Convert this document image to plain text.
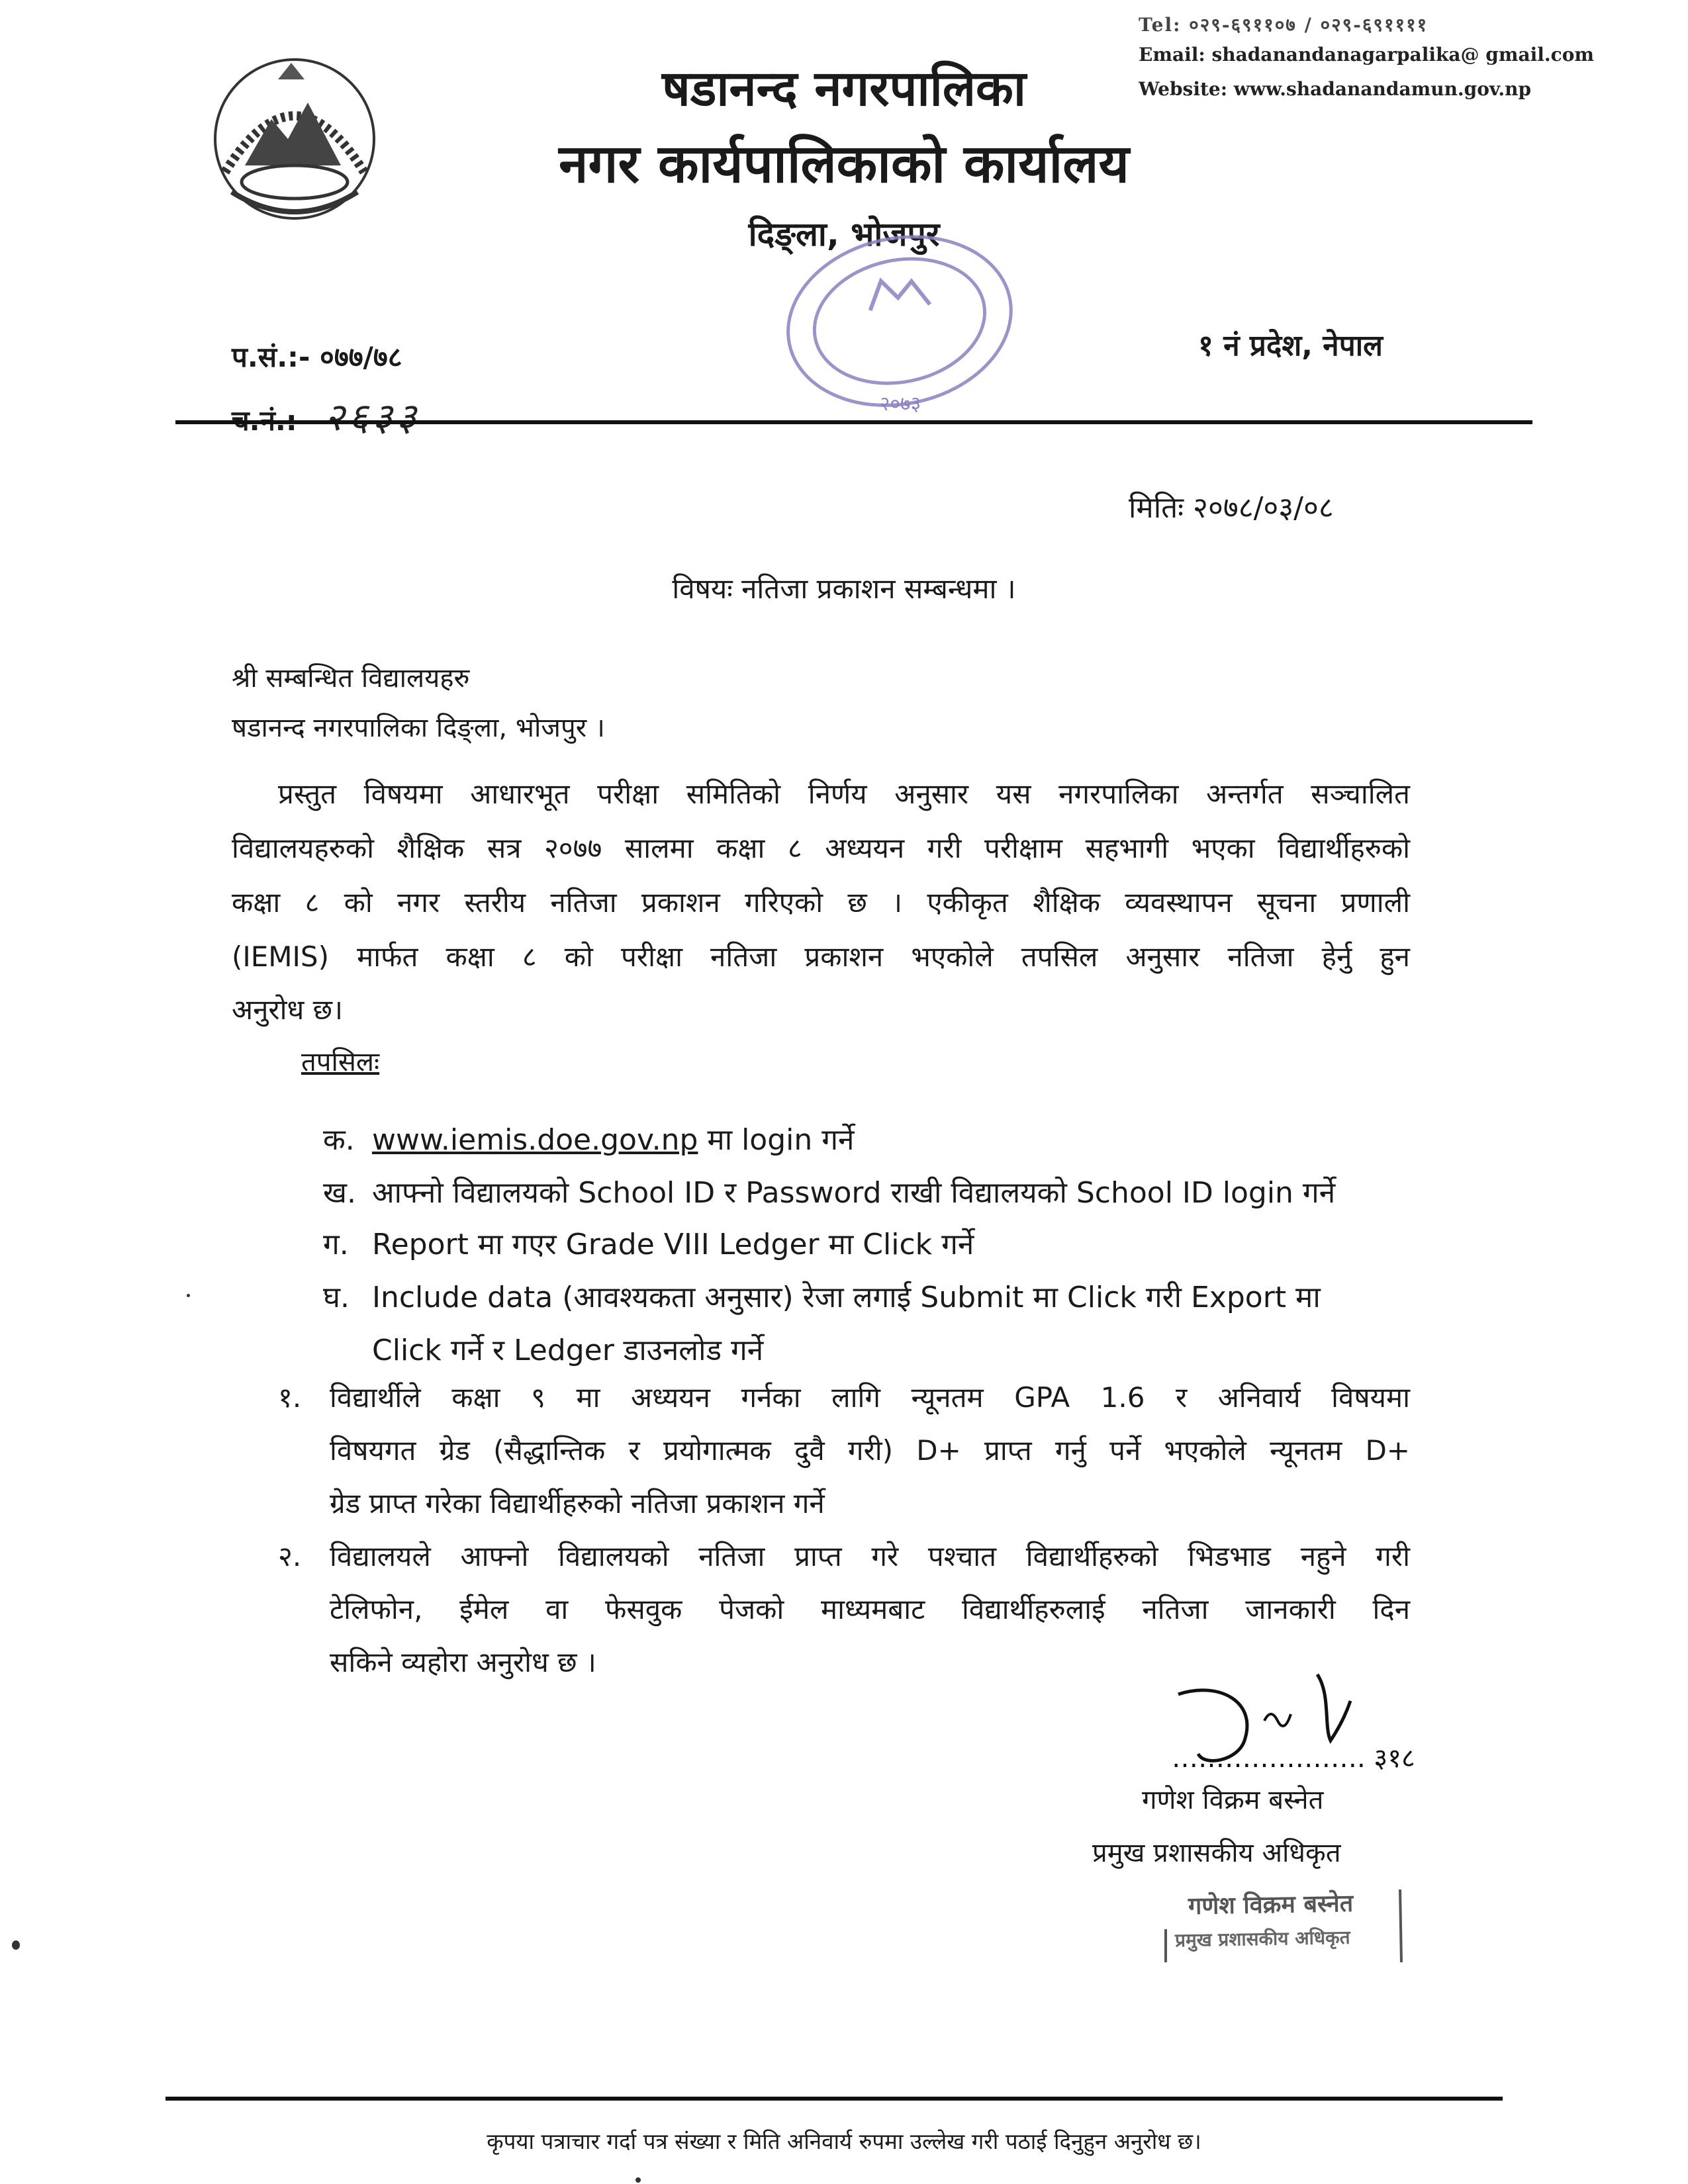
Tel: ०२९-६९११०७ / ०२९-६९११११
Email: shadanandanagarpalika@ gmail.com
Website: www.shadanandamun.gov.np
षडानन्द नगरपालिका
नगर कार्यपालिकाको कार्यालय
दिङ्ला, भोजपुर
२०७३
१ नं प्रदेश, नेपाल
प.सं.:- ०७७/७८
च.नं.:- २६३३
मितिः २०७८/०३/०८
विषयः नतिजा प्रकाशन सम्बन्धमा ।
श्री सम्बन्धित विद्यालयहरु
षडानन्द नगरपालिका दिङ्ला, भोजपुर ।
प्रस्तुत विषयमा आधारभूत परीक्षा समितिको निर्णय अनुसार यस नगरपालिका अन्तर्गत सञ्चालित
विद्यालयहरुको शैक्षिक सत्र २०७७ सालमा कक्षा ८ अध्ययन गरी परीक्षाम सहभागी भएका विद्यार्थीहरुको
कक्षा ८ को नगर स्तरीय नतिजा प्रकाशन गरिएको छ । एकीकृत शैक्षिक व्यवस्थापन सूचना प्रणाली
(IEMIS) मार्फत कक्षा ८ को परीक्षा नतिजा प्रकाशन भएकोले तपसिल अनुसार नतिजा हेर्नु हुन
अनुरोध छ।
तपसिलः
क. www.iemis.doe.gov.np मा login गर्ने
ख. आफ्नो विद्यालयको School ID र Password राखी विद्यालयको School ID login गर्ने
ग. Report मा गएर Grade VIII Ledger मा Click गर्ने
घ. Include data (आवश्यकता अनुसार) रेजा लगाई Submit मा Click गरी Export मा
Click गर्ने र Ledger डाउनलोड गर्ने
१. विद्यार्थीले कक्षा ९ मा अध्ययन गर्नका लागि न्यूनतम GPA 1.6 र अनिवार्य विषयमा
विषयगत ग्रेड (सैद्धान्तिक र प्रयोगात्मक दुवै गरी) D+ प्राप्त गर्नु पर्ने भएकोले न्यूनतम D+
ग्रेड प्राप्त गरेका विद्यार्थीहरुको नतिजा प्रकाशन गर्ने
२. विद्यालयले आफ्नो विद्यालयको नतिजा प्राप्त गरे पश्चात विद्यार्थीहरुको भिडभाड नहुने गरी
टेलिफोन, ईमेल वा फेसवुक पेजको माध्यमबाट विद्यार्थीहरुलाई नतिजा जानकारी दिन
सकिने व्यहोरा अनुरोध छ ।
…………………. ३१८
गणेश विक्रम बस्नेत
प्रमुख प्रशासकीय अधिकृत
गणेश विक्रम बस्नेत
प्रमुख प्रशासकीय अधिकृत
कृपया पत्राचार गर्दा पत्र संख्या र मिति अनिवार्य रुपमा उल्लेख गरी पठाई दिनुहुन अनुरोध छ।
